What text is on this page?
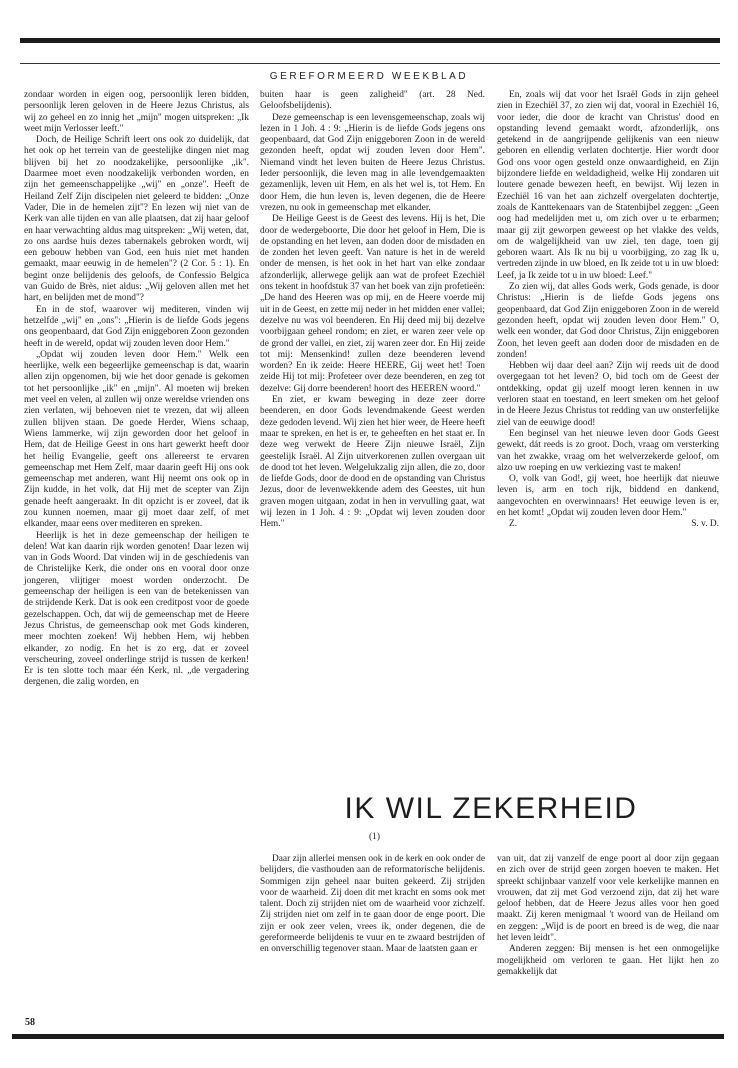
GEREFORMEERD WEEKBLAD

zondaar worden in eigen oog, persoonlijk leren bidden, persoonlijk leren geloven in de Heere Jezus Christus, als wij zo geheel en zo innig het „mijn" mogen uitspreken: „Ik weet mijn Verlosser leeft."

Doch, de Heilige Schrift leert ons ook zo duidelijk, dat het ook op het terrein van de geestelijke dingen niet mag blijven bij het zo noodzakelijke, persoonlijke „ik". Daarmee moet even noodzakelijk verbonden worden, en zijn het gemeenschappelijke „wij" en „onze". Heeft de Heiland Zelf Zijn discipelen niet geleerd te bidden: „Onze Vader, Die in de hemelen zijt"? En lezen wij niet van de Kerk van alle tijden en van alle plaatsen, dat zij haar geloof en haar verwachting aldus mag uitspreken: „Wij weten, dat, zo ons aardse huis dezes tabernakels gebroken wordt, wij een gebouw hebben van God, een huis niet met handen gemaakt, maar eeuwig in de hemelen"? (2 Cor. 5 : 1). En begint onze belijdenis des geloofs, de Confessio Belgica van Guido de Brès, niet aldus: „Wij geloven allen met het hart, en belijden met de mond"?

En in de stof, waarover wij mediteren, vinden wij hetzelfde „wij" en „ons": „Hierin is de liefde Gods jegens ons geopenbaard, dat God Zijn eniggeboren Zoon gezonden heeft in de wereld, opdat wij zouden leven door Hem."

„Opdat wij zouden leven door Hem." Welk een heerlijke, welk een begeerlijke gemeenschap is dat, waarin allen zijn opgenomen, bij wie het door genade is gekomen tot het persoonlijke „ik" en „mijn". Al moeten wij breken met veel en velen, al zullen wij onze wereldse vrienden ons zien verlaten, wij behoeven niet te vrezen, dat wij alleen zullen blijven staan. De goede Herder, Wiens schaap, Wiens lammerke, wij zijn geworden door het geloof in Hem, dat de Heilige Geest in ons hart gewerkt heeft door het heilig Evangelie, geeft ons allereerst te ervaren gemeenschap met Hem Zelf, maar daarin geeft Hij ons ook gemeenschap met anderen, want Hij neemt ons ook op in Zijn kudde, in het volk, dat Hij met de scepter van Zijn genade heeft aangeraakt. In dit opzicht is er zoveel, dat ik zou kunnen noemen, maar gij moet daar zelf, of met elkander, maar eens over mediteren en spreken.

Heerlijk is het in deze gemeenschap der heiligen te delen! Wat kan daarin rijk worden genoten! Daar lezen wij van in Gods Woord. Dat vinden wij in de geschiedenis van de Christelijke Kerk, die onder ons en vooral door onze jongeren, vlijtiger moest worden onderzocht. De gemeenschap der heiligen is een van de betekenissen van de strijdende Kerk. Dat is ook een creditpost voor de goede gezelschappen. Och, dat wij de gemeenschap met de Heere Jezus Christus, de gemeenschap ook met Gods kinderen, meer mochten zoeken! Wij hebben Hem, wij hebben elkander, zo nodig. En het is zo erg, dat er zoveel verscheuring, zoveel onderlinge strijd is tussen de kerken! Er is ten slotte toch maar één Kerk, nl. „de vergadering dergenen, die zalig worden, en

buiten haar is geen zaligheid" (art. 28 Ned. Geloofsbelijdenis).

Deze gemeenschap is een levensgemeenschap, zoals wij lezen in 1 Joh. 4 : 9: „Hierin is de liefde Gods jegens ons geopenbaard, dat God Zijn eniggeboren Zoon in de wereld gezonden heeft, opdat wij zouden leven door Hem". Niemand vindt het leven buiten de Heere Jezus Christus. Ieder persoonlijk, die leven mag in alle levendgemaakten gezamenlijk, leven uit Hem, en als het wel is, tot Hem. En door Hem, die hun leven is, leven degenen, die de Heere vrezen, nu ook in gemeenschap met elkander.

De Heilige Geest is de Geest des levens. Hij is het, Die door de wedergeboorte, Die door het geloof in Hem, Die is de opstanding en het leven, aan doden door de misdaden en de zonden het leven geeft. Van nature is het in de wereld onder de mensen, is het ook in het hart van elke zondaar afzonderlijk, allerwege gelijk aan wat de profeet Ezechiël ons tekent in hoofdstuk 37 van het boek van zijn profetieën: „De hand des Heeren was op mij, en de Heere voerde mij uit in de Geest, en zette mij neder in het midden ener vallei; dezelve nu was vol beenderen. En Hij deed mij bij dezelve voorbijgaan geheel rondom; en ziet, er waren zeer vele op de grond der vallei, en ziet, zij waren zeer dor. En Hij zeide tot mij: Mensenkind! zullen deze beenderen levend worden? En ik zeide: Heere HEERE, Gij weet het! Toen zeide Hij tot mij: Profeteer over deze beenderen, en zeg tot dezelve: Gij dorre beenderen! hoort des HEEREN woord."

En ziet, er kwam beweging in deze zeer dorre beenderen, en door Gods levendmakende Geest werden deze gedoden levend. Wij zien het hier weer, de Heere heeft maar te spreken, en het is er, te geheeften en het staat er. In deze weg verwekt de Heere Zijn nieuwe Israël, Zijn geestelijk Israël. Al Zijn uitverkorenen zullen overgaan uit de dood tot het leven. Welgelukzalig zijn allen, die zo, door de liefde Gods, door de dood en de opstanding van Christus Jezus, door de levenwekkende adem des Geestes, uit hun graven mogen uitgaan, zodat in hen in vervulling gaat, wat wij lezen in 1 Joh. 4 : 9: „Opdat wij leven zouden door Hem."

En, zoals wij dat voor het Israël Gods in zijn geheel zien in Ezechiël 37, zo zien wij dat, vooral in Ezechiël 16, voor ieder, die door de kracht van Christus' dood en opstanding levend gemaakt wordt, afzonderlijk, ons getekend in de aangrijpende gelijkenis van een nieuw geboren en ellendig verlaten dochtertje. Hier wordt door God ons voor ogen gesteld onze onwaardigheid, en Zijn bijzondere liefde en weldadigheid, welke Hij zondaren uit loutere genade bewezen heeft, en bewijst. Wij lezen in Ezechiël 16 van het aan zichzelf overgelaten dochtertje, zoals de Kanttekenaars van de Statenbijbel zeggen: „Geen oog had medelijden met u, om zich over u te erbarmen; maar gij zijt geworpen geweest op het vlakke des velds, om de walgelijkheid van uw ziel, ten dage, toen gij geboren waart. Als Ik nu bij u voorbijging, zo zag Ik u, vertreden zijnde in uw bloed, en Ik zeide tot u in uw bloed: Leef, ja Ik zeide tot u in uw bloed: Leef."

Zo zien wij, dat alles Gods werk, Gods genade, is door Christus: „Hierin is de liefde Gods jegens ons geopenbaard, dat God Zijn eniggeboren Zoon in de wereld gezonden heeft, opdat wij zouden leven door Hem." O, welk een wonder, dat God door Christus, Zijn eniggeboren Zoon, het leven geeft aan doden door de misdaden en de zonden!

Hebben wij daar deel aan? Zijn wij reeds uit de dood overgegaan tot het leven? O, bid toch om de Geest der ontdekking, opdat gij uzelf moogt leren kennen in uw verloren staat en toestand, en leert smeken om het geloof in de Heere Jezus Christus tot redding van uw onsterfelijke ziel van de eeuwige dood!

Een beginsel van het nieuwe leven door Gods Geest gewekt, dát reeds is zo groot. Doch, vraag om versterking van het zwakke, vraag om het welverzekerde geloof, om alzo uw roeping en uw verkiezing vast te maken!

O, volk van God!, gij weet, hoe heerlijk dat nieuwe leven is, arm en toch rijk, biddend en dankend, aangevochten en overwinnaars! Het eeuwige leven is er, en het komt! „Opdat wij zouden leven door Hem."

Z.	S. v. D.

IK WIL ZEKERHEID
(1)

Daar zijn allerlei mensen ook in de kerk en ook onder de belijders, die vasthouden aan de reformatorische belijdenis. Sommigen zijn geheel naar buiten gekeerd. Zij strijden voor de waarheid. Zij doen dit met kracht en soms ook met talent. Doch zij strijden niet om de waarheid voor zichzelf. Zij strijden niet om zelf in te gaan door de enge poort. Die zijn er ook zeer velen, vrees ik, onder degenen, die de gereformeerde belijdenis te vuur en te zwaard bestrijden of en onverschillig tegenover staan. Maar de laatsten gaan er

van uit, dat zij vanzelf de enge poort al door zijn gegaan en zich over de strijd geen zorgen hoeven te maken. Het spreekt schijnbaar vanzelf voor vele kerkelijke mannen en vrouwen, dat zij met God verzoend zijn, dat zij het ware geloof hebben, dat de Heere Jezus alles voor hen goed maakt. Zij keren menigmaal 't woord van de Heiland om en zeggen: „Wijd is de poort en breed is de weg, die naar het leven leidt".

Anderen zeggen: Bij mensen is het een onmogelijke mogelijkheid om verloren te gaan. Het lijkt hen zo gemakkelijk dat

58
